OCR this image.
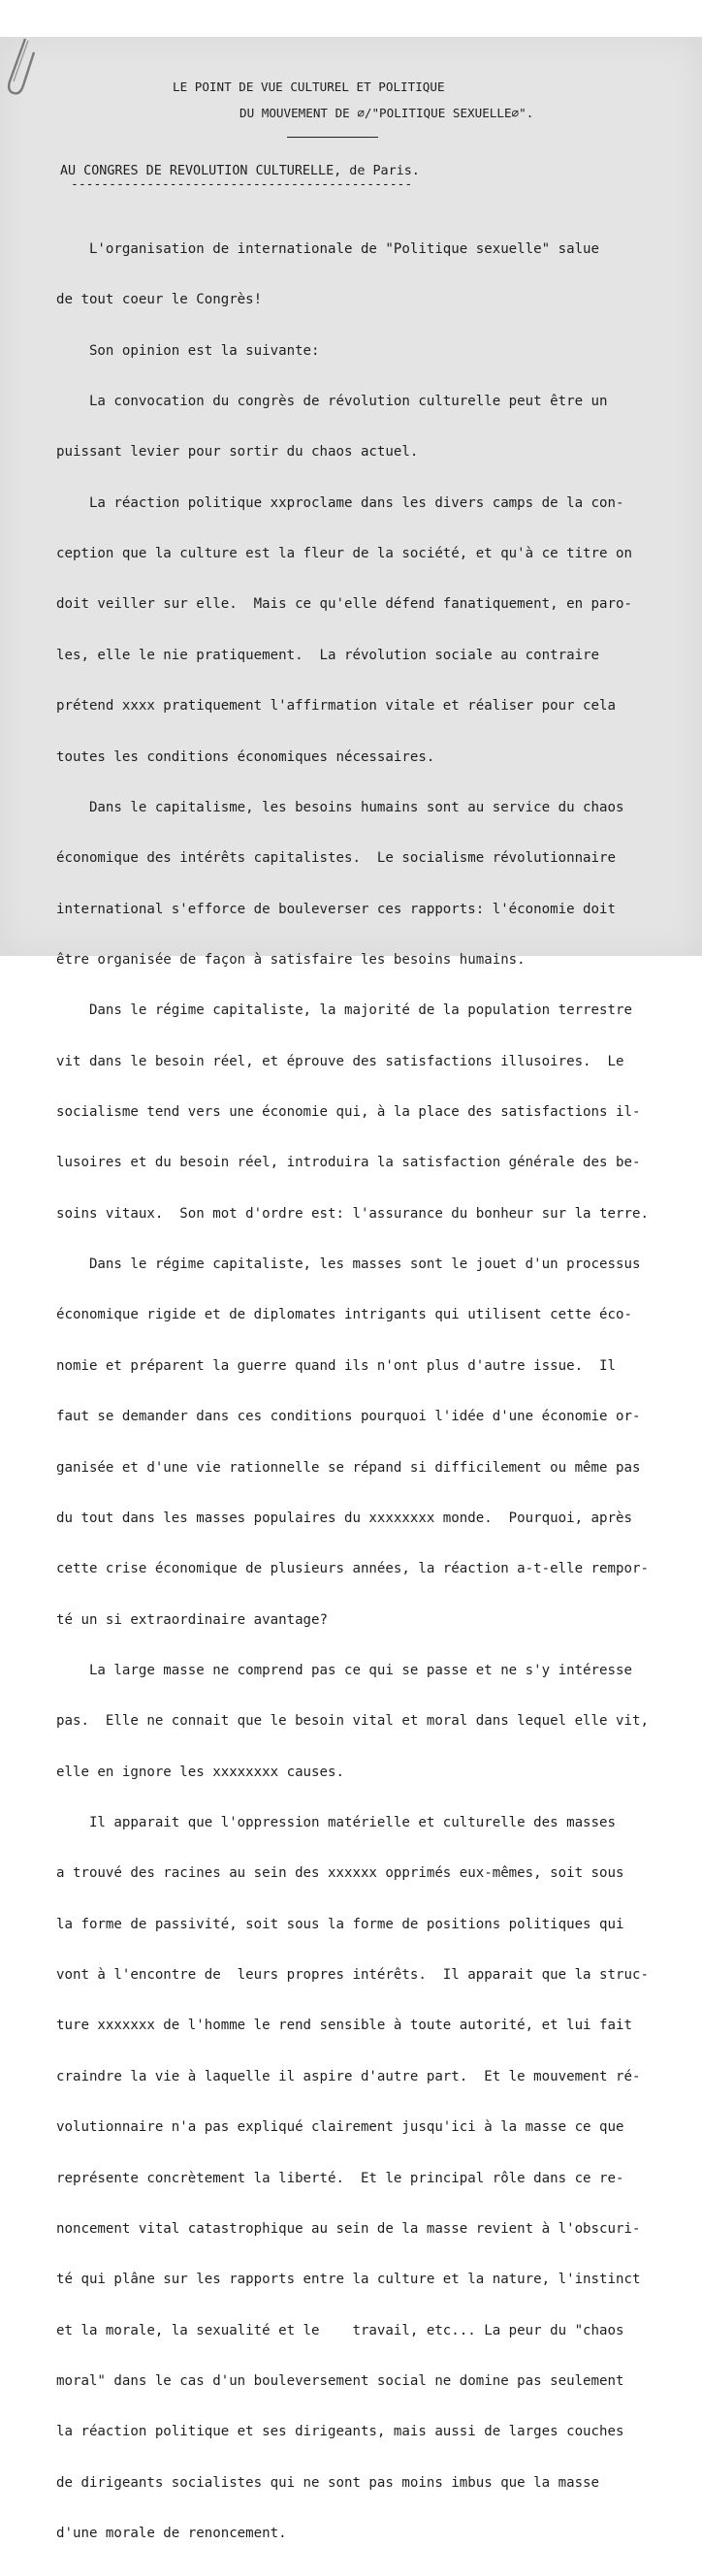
LE POINT DE VUE CULTUREL ET POLITIQUE
DU MOUVEMENT DE ∅/"POLITIQUE SEXUELLE∅".
AU CONGRES DE REVOLUTION CULTURELLE, de Paris.
---------------------------------------------

L'organisation de internationale de "Politique sexuelle" salue

de tout coeur le Congrès!

Son opinion est la suivante:

La convocation du congrès de révolution culturelle peut être un

puissant levier pour sortir du chaos actuel.

La réaction politique xxproclame dans les divers camps de la con-

ception que la culture est la fleur de la société, et qu'à ce titre on

doit veiller sur elle.  Mais ce qu'elle défend fanatiquement, en paro-

les, elle le nie pratiquement.  La révolution sociale au contraire

prétend xxxx pratiquement l'affirmation vitale et réaliser pour cela

toutes les conditions économiques nécessaires.

Dans le capitalisme, les besoins humains sont au service du chaos

économique des intérêts capitalistes.  Le socialisme révolutionnaire

international s'efforce de bouleverser ces rapports: l'économie doit

être organisée de façon à satisfaire les besoins humains.

Dans le régime capitaliste, la majorité de la population terrestre

vit dans le besoin réel, et éprouve des satisfactions illusoires.  Le

socialisme tend vers une économie qui, à la place des satisfactions il-

lusoires et du besoin réel, introduira la satisfaction générale des be-

soins vitaux.  Son mot d'ordre est: l'assurance du bonheur sur la terre.

Dans le régime capitaliste, les masses sont le jouet d'un processus

économique rigide et de diplomates intrigants qui utilisent cette éco-

nomie et préparent la guerre quand ils n'ont plus d'autre issue.  Il

faut se demander dans ces conditions pourquoi l'idée d'une économie or-

ganisée et d'une vie rationnelle se répand si difficilement ou même pas

du tout dans les masses populaires du xxxxxxxx monde.  Pourquoi, après

cette crise économique de plusieurs années, la réaction a-t-elle rempor-

té un si extraordinaire avantage?

La large masse ne comprend pas ce qui se passe et ne s'y intéresse

pas.  Elle ne connait que le besoin vital et moral dans lequel elle vit,

elle en ignore les xxxxxxxx causes.

Il apparait que l'oppression matérielle et culturelle des masses

a trouvé des racines au sein des xxxxxx opprimés eux-mêmes, soit sous

la forme de passivité, soit sous la forme de positions politiques qui

vont à l'encontre de  leurs propres intérêts.  Il apparait que la struc-

ture xxxxxxx de l'homme le rend sensible à toute autorité, et lui fait

craindre la vie à laquelle il aspire d'autre part.  Et le mouvement ré-

volutionnaire n'a pas expliqué clairement jusqu'ici à la masse ce que

représente concrètement la liberté.  Et le principal rôle dans ce re-

noncement vital catastrophique au sein de la masse revient à l'obscuri-

té qui plâne sur les rapports entre la culture et la nature, l'instinct

et la morale, la sexualité et le    travail, etc... La peur du "chaos

moral" dans le cas d'un bouleversement social ne domine pas seulement

la réaction politique et ses dirigeants, mais aussi de larges couches

de dirigeants socialistes qui ne sont pas moins imbus que la masse

d'une morale de renoncement.
